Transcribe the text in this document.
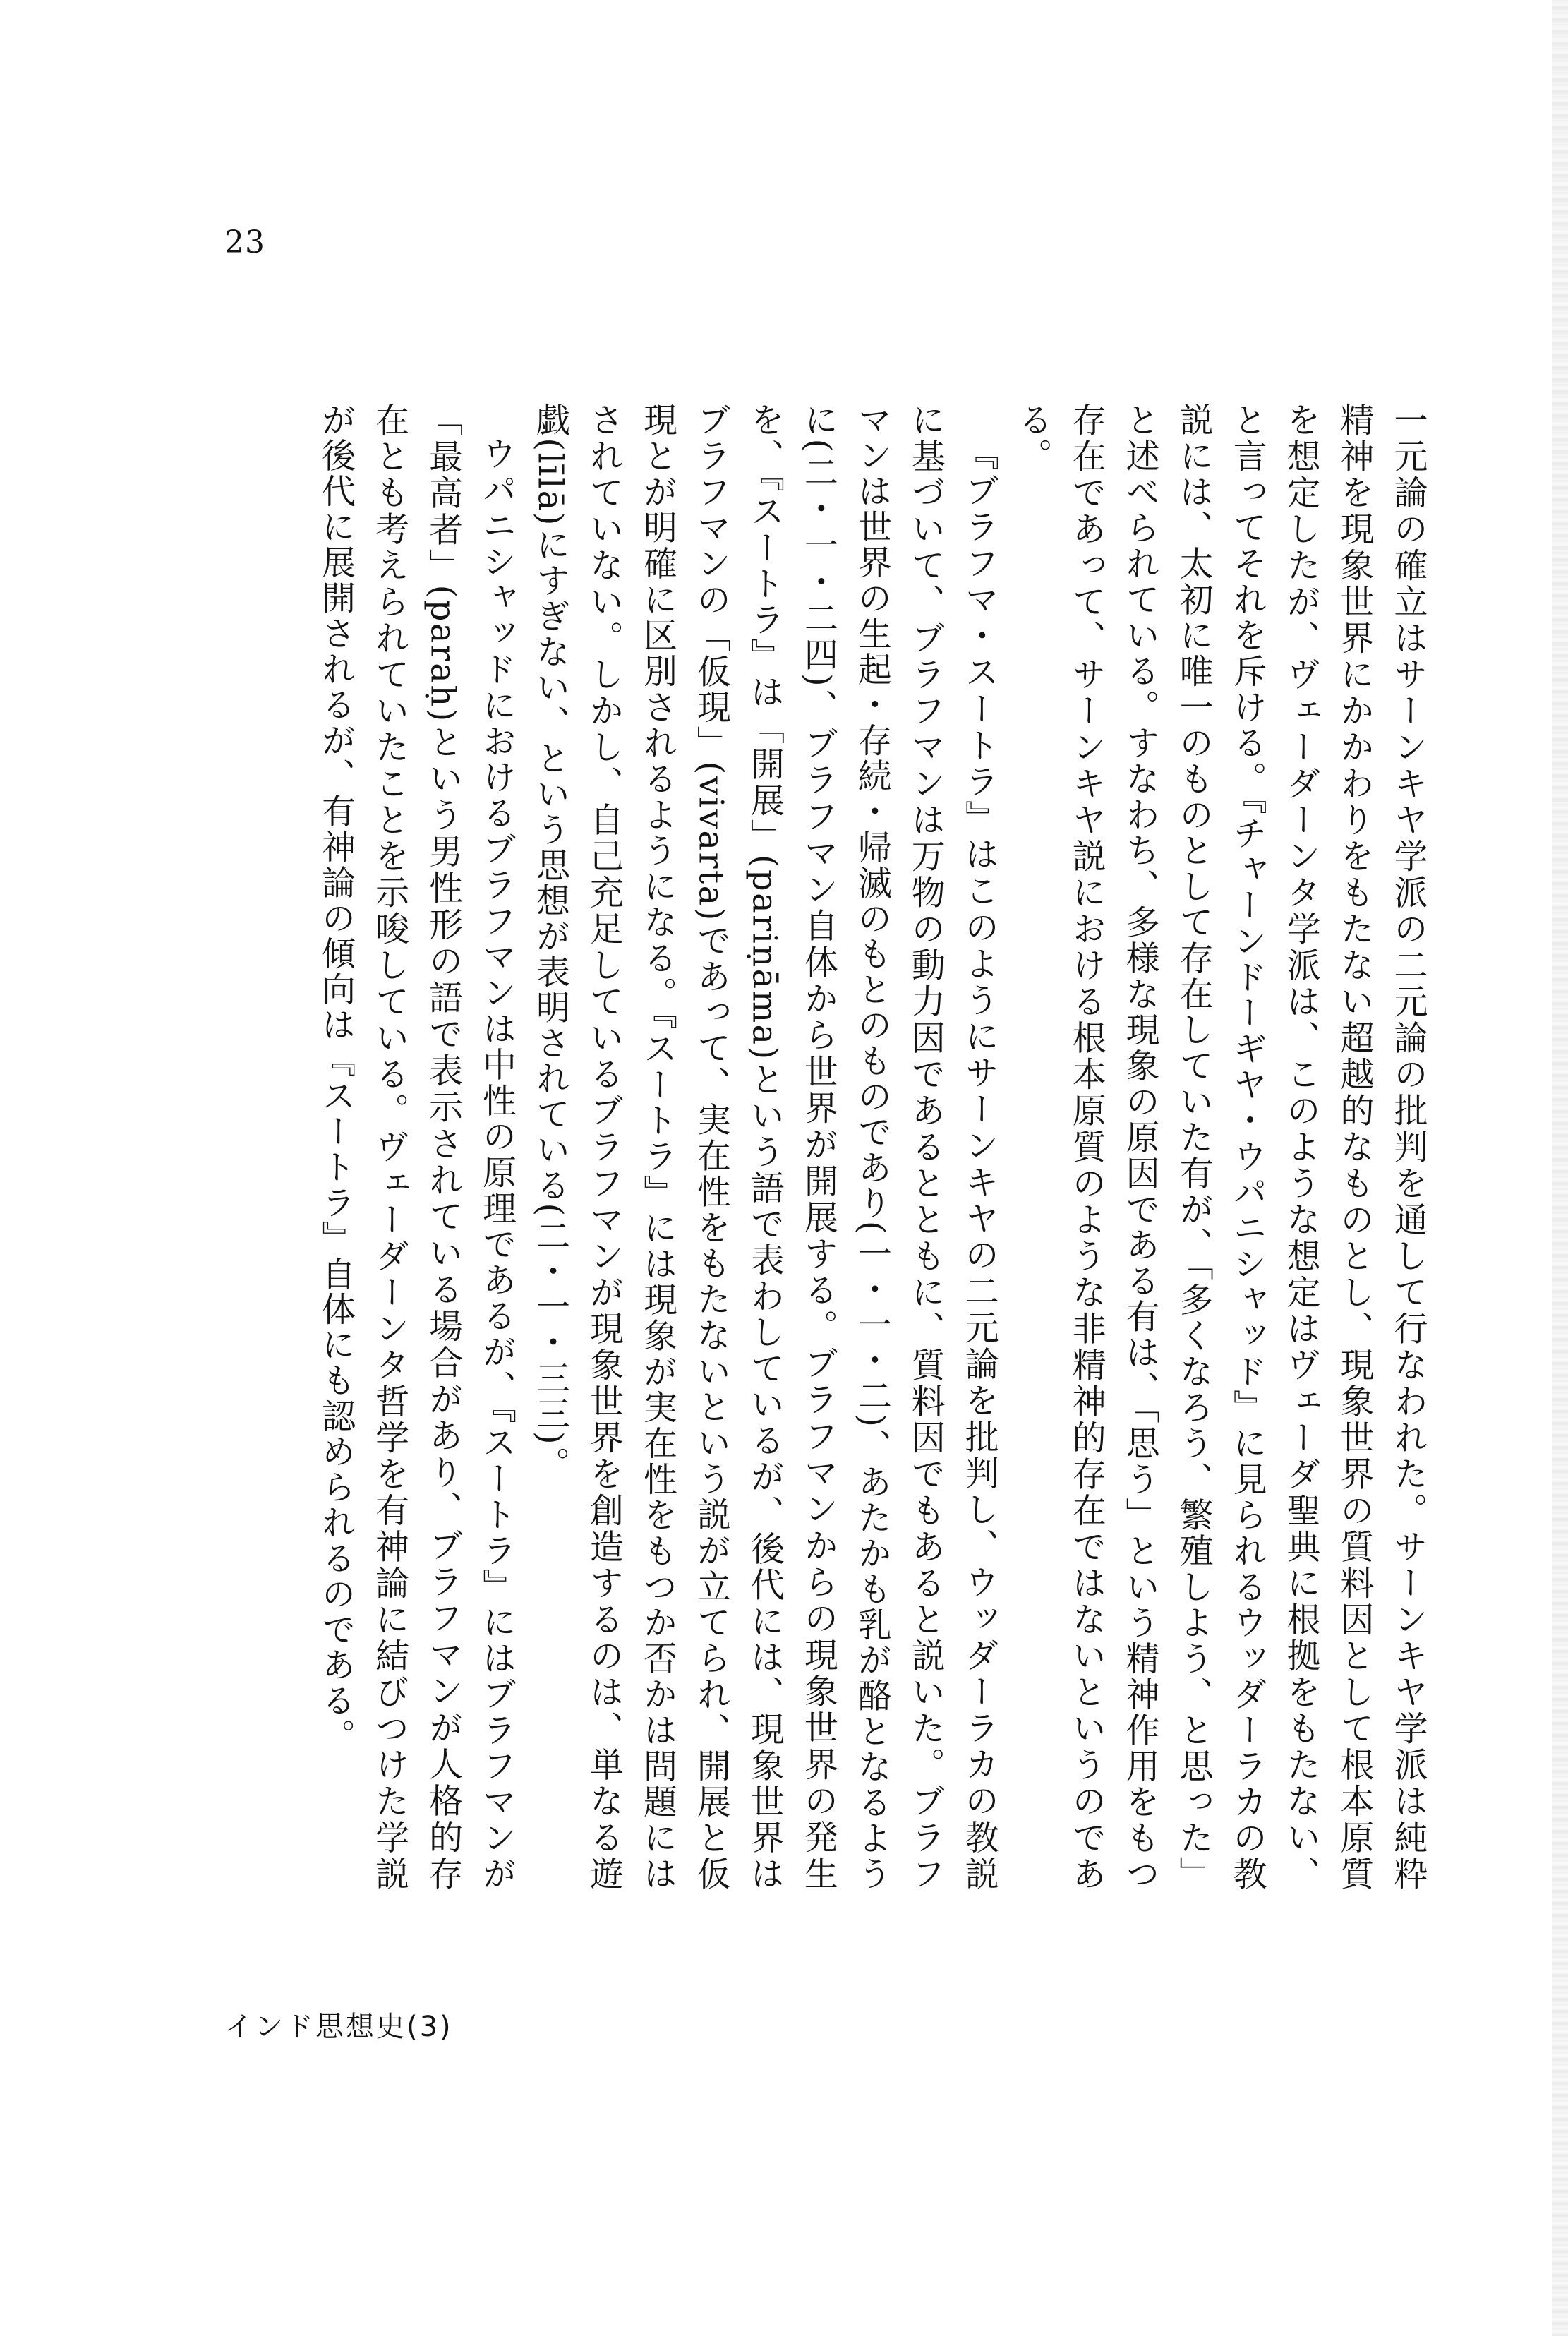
23

一元論の確立はサーンキヤ学派の二元論の批判を通して行なわれた。サーンキヤ学派は純粋精神を現象世界にかかわりをもたない超越的なものとし、現象世界の質料因として根本原質を想定したが、ヴェーダーンタ学派は、このような想定はヴェーダ聖典に根拠をもたない、と言ってそれを斥ける。『チャーンドーギヤ・ウパニシャッド』に見られるウッダーラカの教説には、太初に唯一のものとして存在していた有が、「多くなろう、繁殖しよう、と思った」と述べられている。すなわち、多様な現象の原因である有は、「思う」という精神作用をもつ存在であって、サーンキヤ説における根本原質のような非精神的存在ではないというのである。

『ブラフマ・スートラ』はこのようにサーンキヤの二元論を批判し、ウッダーラカの教説に基づいて、ブラフマンは万物の動力因であるとともに、質料因でもあると説いた。ブラフマンは世界の生起・存続・帰滅のもとのものであり(一・一・二)、あたかも乳が酪となるように(二・一・二四)、ブラフマン自体から世界が開展する。ブラフマンからの現象世界の発生を、『スートラ』は「開展」(pariṇāma)という語で表わしているが、後代には、現象世界はブラフマンの「仮現」(vivarta)であって、実在性をもたないという説が立てられ、開展と仮現とが明確に区別されるようになる。『スートラ』には現象が実在性をもつか否かは問題にはされていない。しかし、自己充足しているブラフマンが現象世界を創造するのは、単なる遊戯(līlā)にすぎない、という思想が表明されている(二・一・三三)。

ウパニシャッドにおけるブラフマンは中性の原理であるが、『スートラ』にはブラフマンが「最高者」(paraḥ)という男性形の語で表示されている場合があり、ブラフマンが人格的存在とも考えられていたことを示唆している。ヴェーダーンタ哲学を有神論に結びつけた学説が後代に展開されるが、有神論の傾向は『スートラ』自体にも認められるのである。

インド思想史(3)
